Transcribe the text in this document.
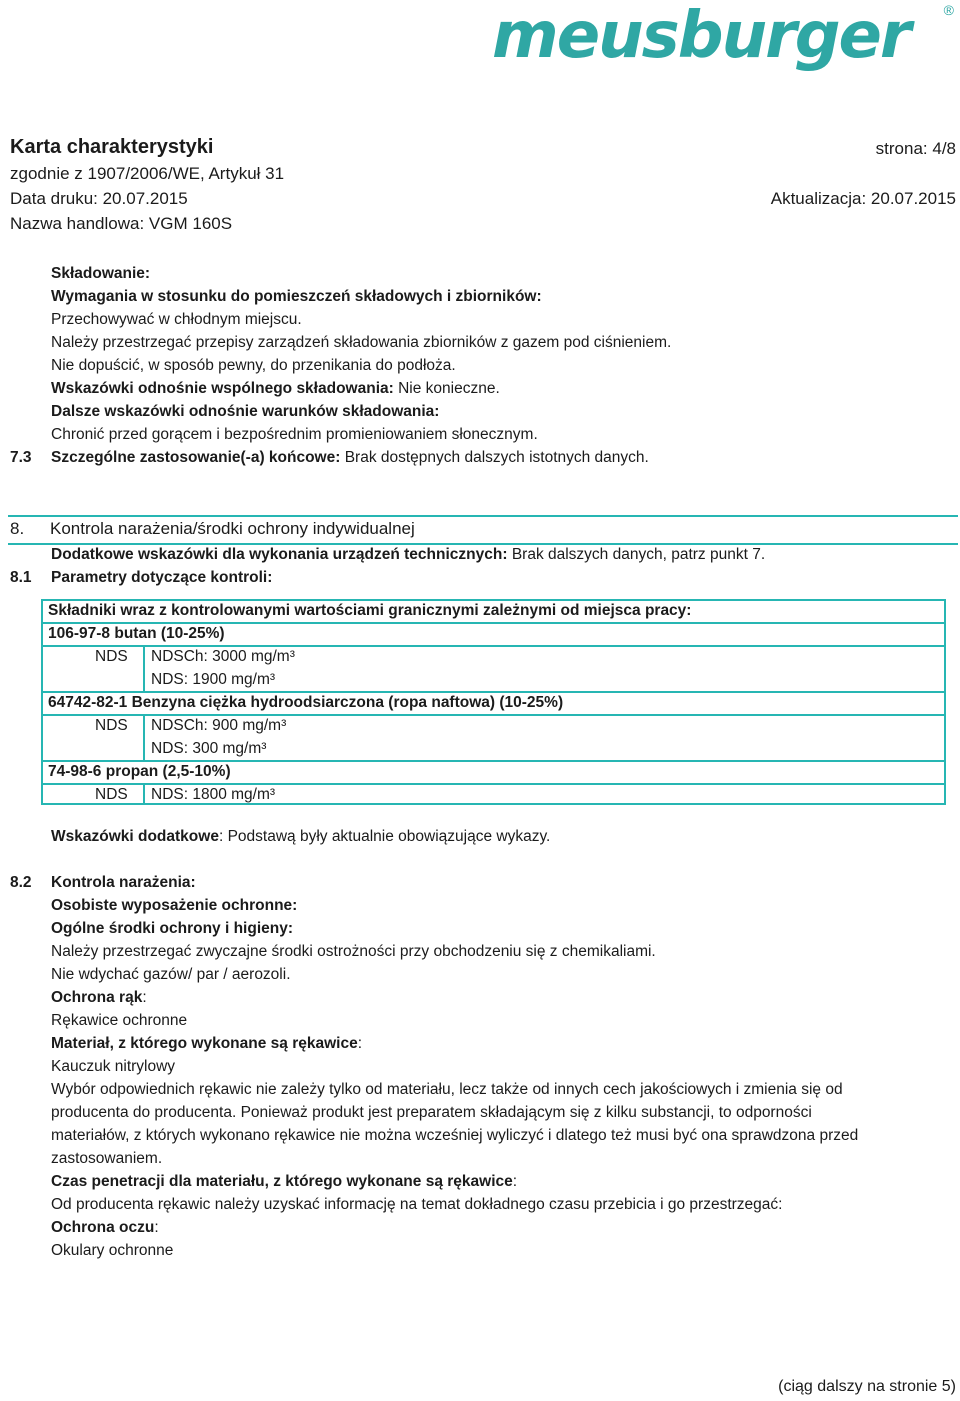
meusburger	®
Karta charakterystyki	strona: 4/8
zgodnie z 1907/2006/WE, Artykuł 31
Data druku: 20.07.2015	Aktualizacja: 20.07.2015
Nazwa handlowa: VGM 160S
Składowanie:
Wymagania w stosunku do pomieszczeń składowych i zbiorników:
Przechowywać w chłodnym miejscu.
Należy przestrzegać przepisy zarządzeń składowania zbiorników z gazem pod ciśnieniem.
Nie dopuścić, w sposób pewny, do przenikania do podłoża.
Wskazówki odnośnie wspólnego składowania: Nie konieczne.
Dalsze wskazówki odnośnie warunków składowania:
Chronić przed gorącem i bezpośrednim promieniowaniem słonecznym.
7.3 Szczególne zastosowanie(-a) końcowe: Brak dostępnych dalszych istotnych danych.
8. Kontrola narażenia/środki ochrony indywidualnej
Dodatkowe wskazówki dla wykonania urządzeń technicznych: Brak dalszych danych, patrz punkt 7.
8.1 Parametry dotyczące kontroli:
Składniki wraz z kontrolowanymi wartościami granicznymi zależnymi od miejsca pracy:
106-97-8 butan (10-25%)
NDS NDSCh: 3000 mg/m³
NDS: 1900 mg/m³
64742-82-1 Benzyna ciężka hydroodsiarczona (ropa naftowa) (10-25%)
NDS NDSCh: 900 mg/m³
NDS: 300 mg/m³
74-98-6 propan (2,5-10%)
NDS NDS: 1800 mg/m³
Wskazówki dodatkowe: Podstawą były aktualnie obowiązujące wykazy.
8.2 Kontrola narażenia:
Osobiste wyposażenie ochronne:
Ogólne środki ochrony i higieny:
Należy przestrzegać zwyczajne środki ostrożności przy obchodzeniu się z chemikaliami.
Nie wdychać gazów/ par / aerozoli.
Ochrona rąk:
Rękawice ochronne
Materiał, z którego wykonane są rękawice:
Kauczuk nitrylowy
Wybór odpowiednich rękawic nie zależy tylko od materiału, lecz także od innych cech jakościowych i zmienia się od
producenta do producenta. Ponieważ produkt jest preparatem składającym się z kilku substancji, to odporności
materiałów, z których wykonano rękawice nie można wcześniej wyliczyć i dlatego też musi być ona sprawdzona przed
zastosowaniem.
Czas penetracji dla materiału, z którego wykonane są rękawice:
Od producenta rękawic należy uzyskać informację na temat dokładnego czasu przebicia i go przestrzegać:
Ochrona oczu:
Okulary ochronne
(ciąg dalszy na stronie 5)
